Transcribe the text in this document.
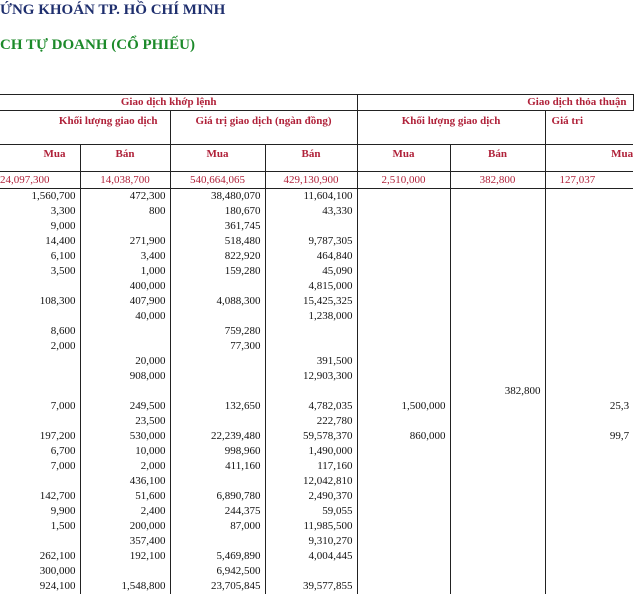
ỨNG KHOÁN TP. HỒ CHÍ MINH
CH TỰ DOANH (CỔ PHIẾU)
Giao dịch khớp lệnh				Giao dịch thỏa thuận		
Khối lượng giao dịch		Giá trị giao dịch (ngàn đồng)		Khối lượng giao dịch		Giá tri
Mua	Bán	Mua	Bán	Mua	Bán	Mua
24,097,300	14,038,700	540,664,065	429,130,900	2,510,000	382,800	127,037
1,560,700	472,300	38,480,070	11,604,100			
3,300	800	180,670	43,330			
9,000		361,745				
14,400	271,900	518,480	9,787,305			
6,100	3,400	822,920	464,840			
3,500	1,000	159,280	45,090			
	400,000		4,815,000			
108,300	407,900	4,088,300	15,425,325			
	40,000		1,238,000			
8,600		759,280				
2,000		77,300				
	20,000		391,500			
	908,000		12,903,300			
					382,800	
7,000	249,500	132,650	4,782,035	1,500,000		25,3
	23,500		222,780			
197,200	530,000	22,239,480	59,578,370	860,000		99,7
6,700	10,000	998,960	1,490,000			
7,000	2,000	411,160	117,160			
	436,100		12,042,810			
142,700	51,600	6,890,780	2,490,370			
9,900	2,400	244,375	59,055			
1,500	200,000	87,000	11,985,500			
	357,400		9,310,270			
262,100	192,100	5,469,890	4,004,445			
300,000		6,942,500				
924,100	1,548,800	23,705,845	39,577,855			
